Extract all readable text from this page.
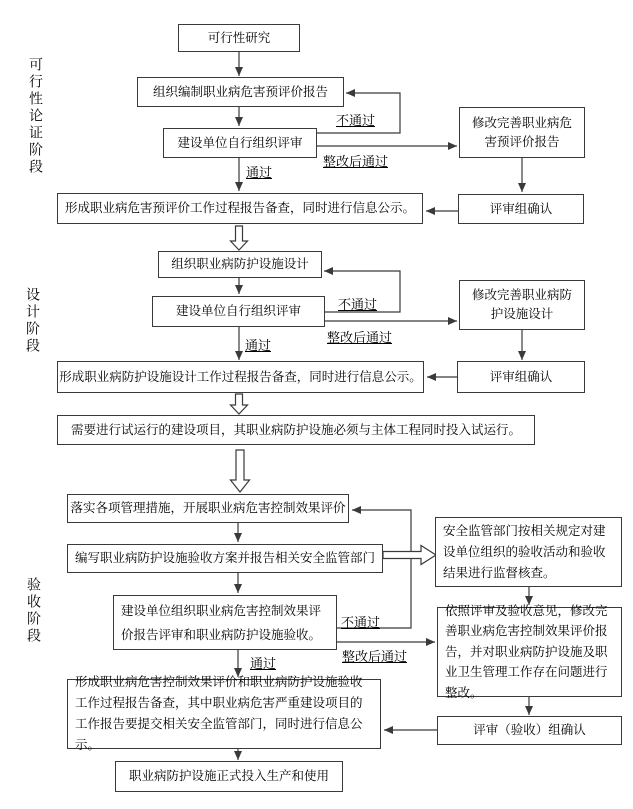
可行性论证阶段
设计阶段
验收阶段
可行性研究
组织编制职业病危害预评价报告
建设单位自行组织评审
形成职业病危害预评价工作过程报告备查，同时进行信息公示。
修改完善职业病危害预评价报告
评审组确认
组织职业病防护设施设计
建设单位自行组织评审
形成职业病防护设施设计工作过程报告备查，同时进行信息公示。
修改完善职业病防护设施设计
评审组确认
需要进行试运行的建设项目，其职业病防护设施必须与主体工程同时投入试运行。
落实各项管理措施，开展职业病危害控制效果评价
编写职业病防护设施验收方案并报告相关安全监管部门
安全监管部门按相关规定对建设单位组织的验收活动和验收结果进行监督核查。
建设单位组织职业病危害控制效果评价报告评审和职业病防护设施验收。
依照评审及验收意见，修改完善职业病危害控制效果评价报告，并对职业病防护设施及职业卫生管理工作存在问题进行整改。
形成职业病危害控制效果评价和职业病防护设施验收工作过程报告备查，其中职业病危害严重建设项目的工作报告要提交相关安全监管部门，同时进行信息公示。
评审（验收）组确认
职业病防护设施正式投入生产和使用
不通过
整改后通过
通过
不通过
整改后通过
通过
不通过
整改后通过
通过
